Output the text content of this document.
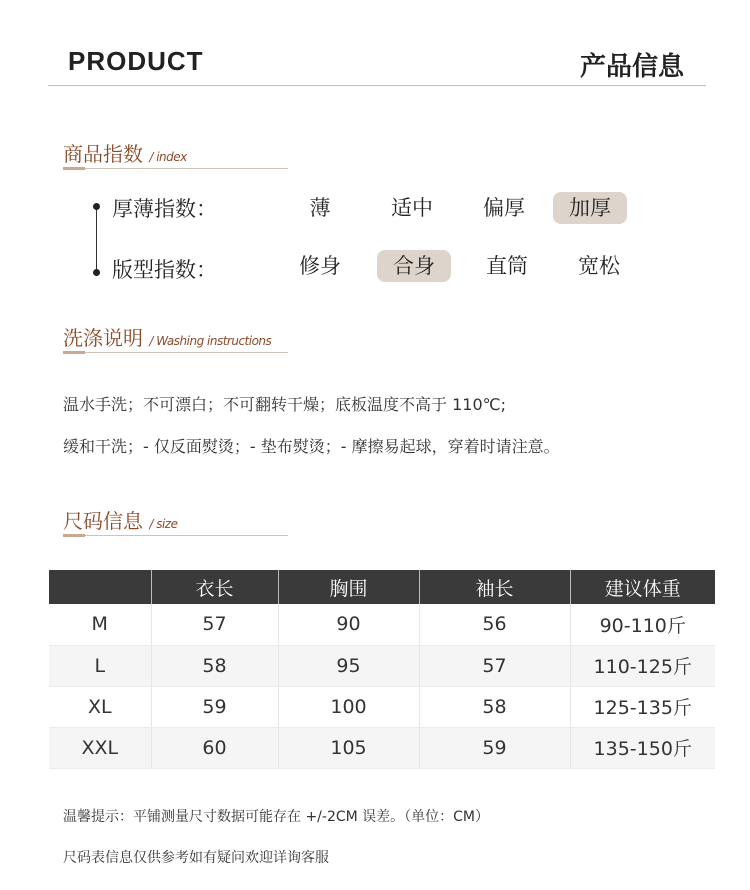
PRODUCT	产品信息
商品指数 / index
厚薄指数：	薄	适中	偏厚	加厚
版型指数：	修身	合身	直筒	宽松
洗涤说明 / Washing instructions
温水手洗；不可漂白；不可翻转干燥；底板温度不高于 110℃;
缓和干洗；- 仅反面熨烫；- 垫布熨烫；- 摩擦易起球，穿着时请注意。
尺码信息 / size
	衣长	胸围	袖长	建议体重
M	57	90	56	90-110斤
L	58	95	57	110-125斤
XL	59	100	58	125-135斤
XXL	60	105	59	135-150斤
温馨提示：平铺测量尺寸数据可能存在 +/-2CM 误差。（单位：CM）
尺码表信息仅供参考如有疑问欢迎详询客服
